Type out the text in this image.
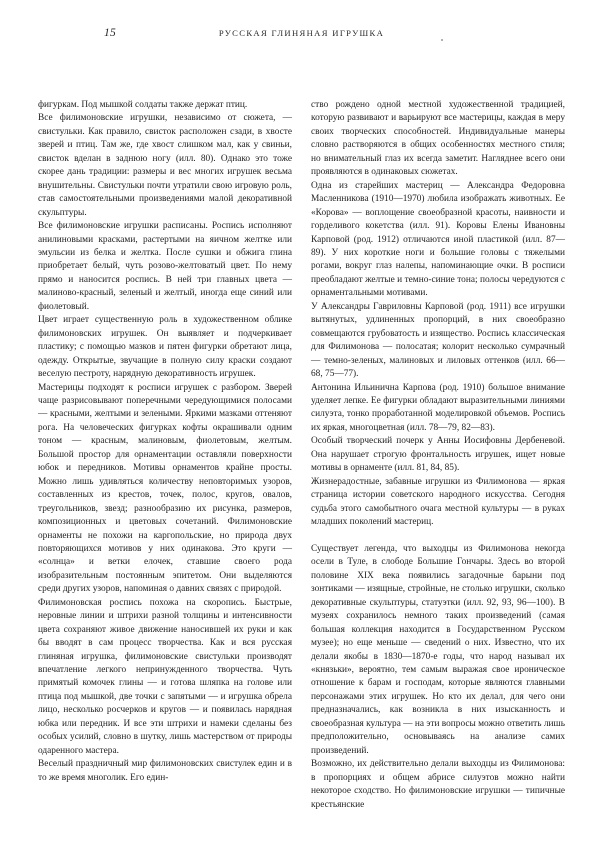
15	РУССКАЯ ГЛИНЯНАЯ ИГРУШКА

фигуркам. Под мышкой солдаты также держат птиц.

Все филимоновские игрушки, независимо от сюжета, — свистульки. Как правило, свисток расположен сзади, в хвосте зверей и птиц. Там же, где хвост слишком мал, как у свиньи, свисток вделан в заднюю ногу (илл. 80). Однако это тоже скорее дань традиции: размеры и вес многих игрушек весьма внушительны. Свистульки почти утратили свою игровую роль, став самостоятельными произведениями малой декоративной скульптуры.

Все филимоновские игрушки расписаны. Роспись исполняют анилиновыми красками, растертыми на яичном желтке или эмульсии из белка и желтка. После сушки и обжига глина приобретает белый, чуть розово-желтоватый цвет. По нему прямо и наносится роспись. В ней три главных цвета — малиново-красный, зеленый и желтый, иногда еще синий или фиолетовый.

Цвет играет существенную роль в художественном облике филимоновских игрушек. Он выявляет и подчеркивает пластику; с помощью мазков и пятен фигурки обретают лица, одежду. Открытые, звучащие в полную силу краски создают веселую пестроту, нарядную декоративность игрушек.

Мастерицы подходят к росписи игрушек с разбором. Зверей чаще разрисовывают поперечными чередующимися полосами — красными, желтыми и зелеными. Яркими мазками оттеняют рога. На человеческих фигурках кофты окрашивали одним тоном — красным, малиновым, фиолетовым, желтым. Большой простор для орнаментации оставляли поверхности юбок и передников. Мотивы орнаментов крайне просты. Можно лишь удивляться количеству неповторимых узоров, составленных из крестов, точек, полос, кругов, овалов, треугольников, звезд; разнообразию их рисунка, размеров, композиционных и цветовых сочетаний. Филимоновские орнаменты не похожи на каргопольские, но природа двух повторяющихся мотивов у них одинакова. Это круги — «солнца» и ветки елочек, ставшие своего рода изобразительным постоянным эпитетом. Они выделяются среди других узоров, напоминая о давних связях с природой.

Филимоновская роспись похожа на скоропись. Быстрые, неровные линии и штрихи разной толщины и интенсивности цвета сохраняют живое движение наносившей их руки и как бы вводят в сам процесс творчества. Как и вся русская глиняная игрушка, филимоновские свистульки производят впечатление легкого непринужденного творчества. Чуть примятый комочек глины — и готова шляпка на голове или птица под мышкой, две точки с запятыми — и игрушка обрела лицо, несколько росчерков и кругов — и появилась нарядная юбка или передник. И все эти штрихи и намеки сделаны без особых усилий, словно в шутку, лишь мастерством от природы одаренного мастера.

Веселый праздничный мир филимоновских свистулек един и в то же время многолик. Его един-

ство рождено одной местной художественной традицией, которую развивают и варьируют все мастерицы, каждая в меру своих творческих способностей. Индивидуальные манеры словно растворяются в общих особенностях местного стиля; но внимательный глаз их всегда заметит. Нагляднее всего они проявляются в одинаковых сюжетах.

Одна из старейших мастериц — Александра Федоровна Масленникова (1910—1970) любила изображать животных. Ее «Корова» — воплощение своеобразной красоты, наивности и горделивого кокетства (илл. 91). Коровы Елены Ивановны Карповой (род. 1912) отличаются иной пластикой (илл. 87—89). У них короткие ноги и большие головы с тяжелыми рогами, вокруг глаз налепы, напоминающие очки. В росписи преобладают желтые и темно-синие тона; полосы чередуются с орнаментальными мотивами.

У Александры Гавриловны Карповой (род. 1911) все игрушки вытянутых, удлиненных пропорций, в них своеобразно совмещаются грубоватость и изящество. Роспись классическая для Филимонова — полосатая; колорит несколько сумрачный — темно-зеленых, малиновых и лиловых оттенков (илл. 66—68, 75—77).

Антонина Ильинична Карпова (род. 1910) большое внимание уделяет лепке. Ее фигурки обладают выразительными линиями силуэта, тонко проработанной моделировкой объемов. Роспись их яркая, многоцветная (илл. 78—79, 82—83).

Особый творческий почерк у Анны Иосифовны Дербеневой. Она нарушает строгую фронтальность игрушек, ищет новые мотивы в орнаменте (илл. 81, 84, 85).

Жизнерадостные, забавные игрушки из Филимонова — яркая страница истории советского народного искусства. Сегодня судьба этого самобытного очага местной культуры — в руках младших поколений мастериц.

Существует легенда, что выходцы из Филимонова некогда осели в Туле, в слободе Большие Гончары. Здесь во второй половине XIX века появились загадочные барыни под зонтиками — изящные, стройные, не столько игрушки, сколько декоративные скульптуры, статуэтки (илл. 92, 93, 96—100). В музеях сохранилось немного таких произведений (самая большая коллекция находится в Государственном Русском музее); но еще меньше — сведений о них. Известно, что их делали якобы в 1830—1870-е годы, что народ называл их «князьки», вероятно, тем самым выражая свое ироническое отношение к барам и господам, которые являются главными персонажами этих игрушек. Но кто их делал, для чего они предназначались, как возникла в них изысканность и своеобразная культура — на эти вопросы можно ответить лишь предположительно, основываясь на анализе самих произведений.

Возможно, их действительно делали выходцы из Филимонова: в пропорциях и общем абрисе силуэтов можно найти некоторое сходство. Но филимоновские игрушки — типичные крестьянские
